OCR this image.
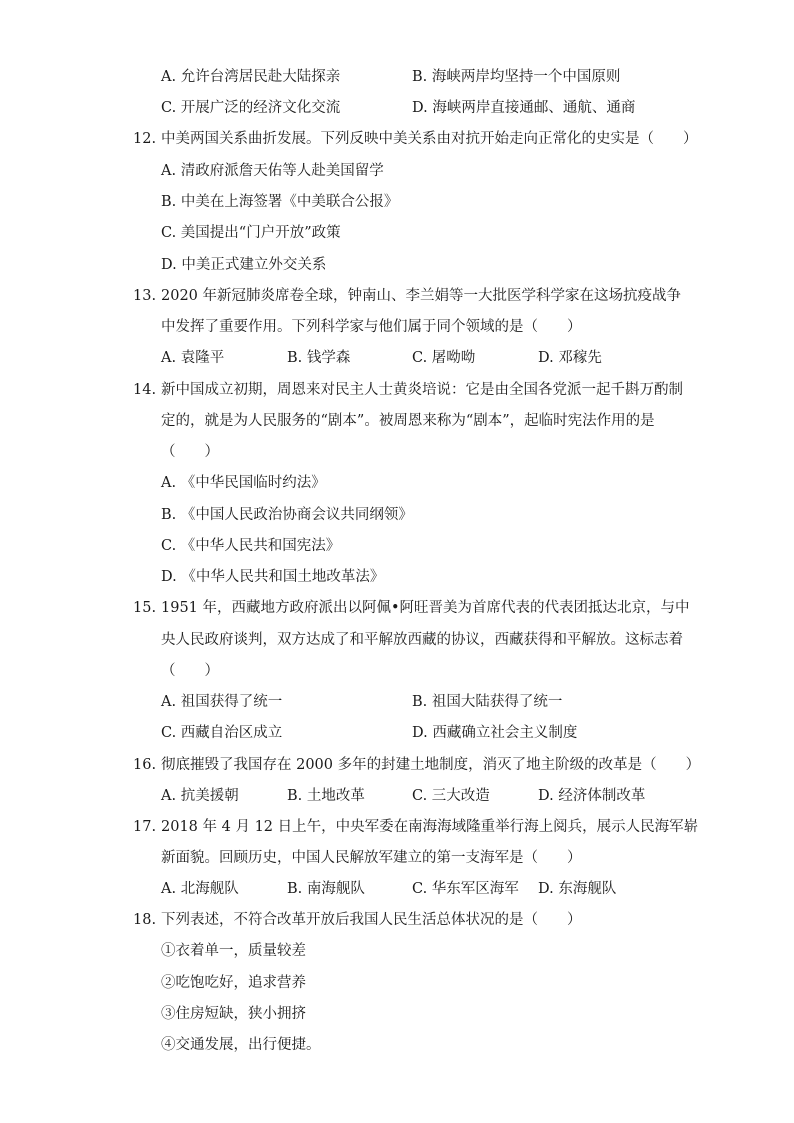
A. 允许台湾居民赴大陆探亲	B. 海峡两岸均坚持一个中国原则
C. 开展广泛的经济文化交流	D. 海峡两岸直接通邮、通航、通商
12. 中美两国关系曲折发展。下列反映中美关系由对抗开始走向正常化的史实是（　　）
A. 清政府派詹天佑等人赴美国留学
B. 中美在上海签署《中美联合公报》
C. 美国提出“门户开放”政策
D. 中美正式建立外交关系
13. 2020 年新冠肺炎席卷全球，钟南山、李兰娟等一大批医学科学家在这场抗疫战争
中发挥了重要作用。下列科学家与他们属于同个领域的是（　　）
A. 袁隆平	B. 钱学森	C. 屠呦呦	D. 邓稼先
14. 新中国成立初期，周恩来对民主人士黄炎培说：它是由全国各党派一起千斟万酌制
定的，就是为人民服务的“剧本”。被周恩来称为“剧本”，起临时宪法作用的是
（　　）
A. 《中华民国临时约法》
B. 《中国人民政治协商会议共同纲领》
C. 《中华人民共和国宪法》
D. 《中华人民共和国土地改革法》
15. 1951 年，西藏地方政府派出以阿佩•阿旺晋美为首席代表的代表团抵达北京，与中
央人民政府谈判，双方达成了和平解放西藏的协议，西藏获得和平解放。这标志着
（　　）
A. 祖国获得了统一	B. 祖国大陆获得了统一
C. 西藏自治区成立	D. 西藏确立社会主义制度
16. 彻底摧毁了我国存在 2000 多年的封建土地制度，消灭了地主阶级的改革是（　　）
A. 抗美援朝	B. 土地改革	C. 三大改造	D. 经济体制改革
17. 2018 年 4 月 12 日上午，中央军委在南海海域隆重举行海上阅兵，展示人民海军崭
新面貌。回顾历史，中国人民解放军建立的第一支海军是（　　）
A. 北海舰队	B. 南海舰队	C. 华东军区海军 D. 东海舰队
18. 下列表述，不符合改革开放后我国人民生活总体状况的是（　　）
①衣着单一，质量较差
②吃饱吃好，追求营养
③住房短缺，狭小拥挤
④交通发展，出行便捷。
